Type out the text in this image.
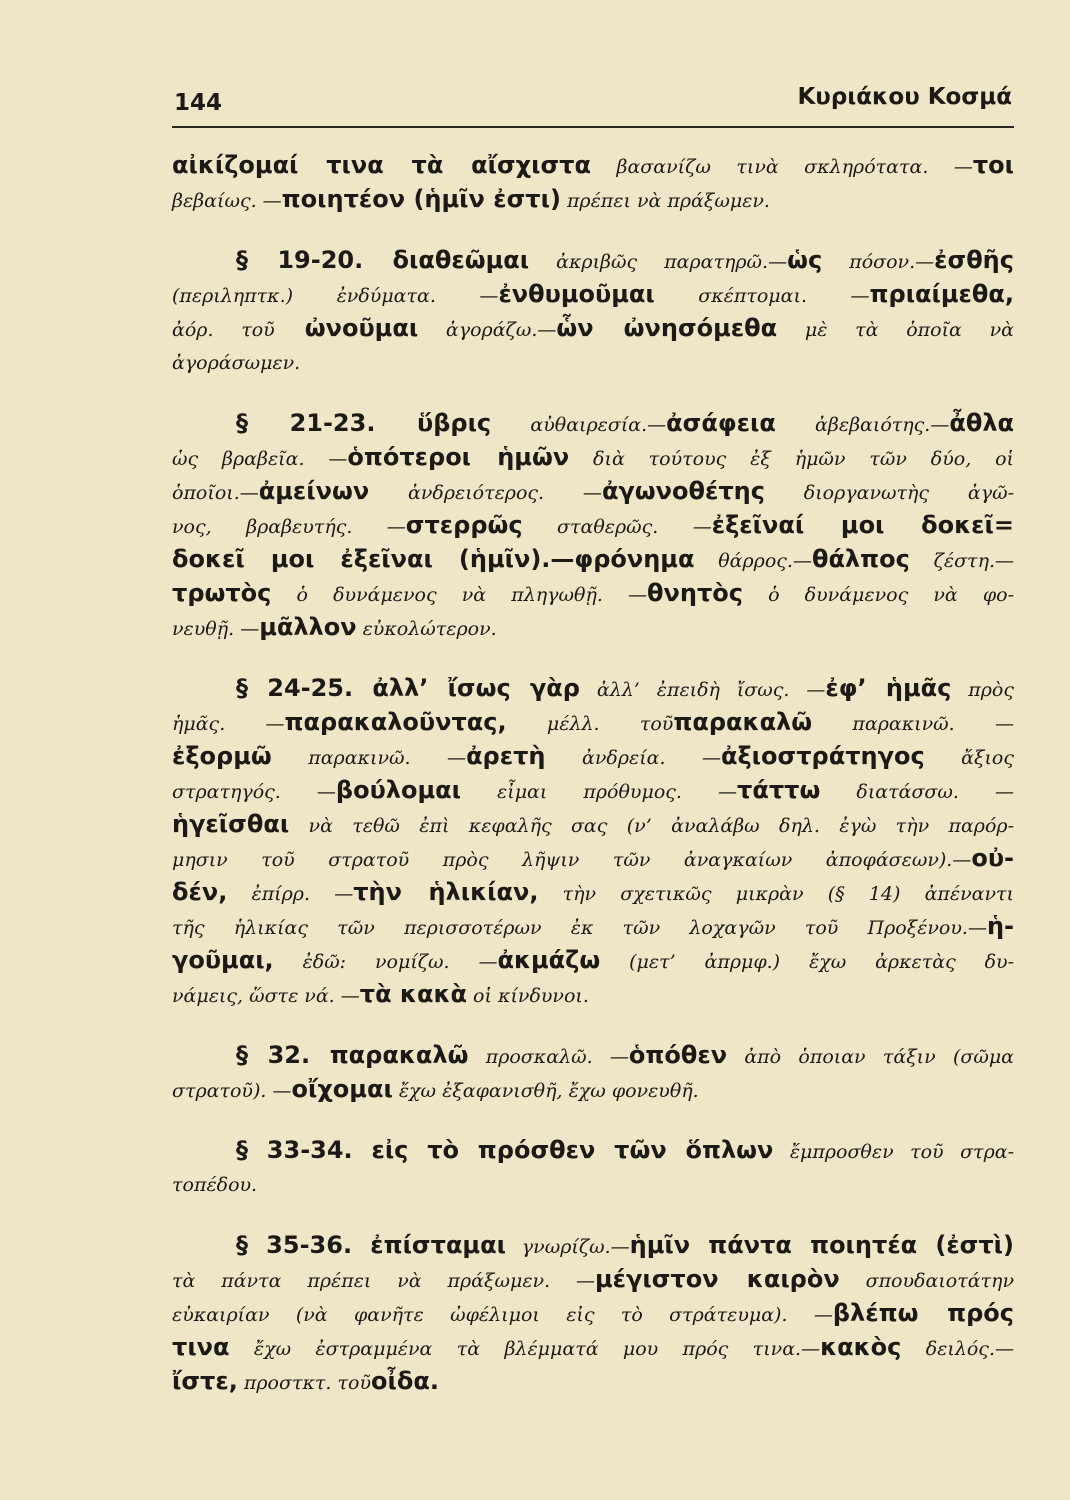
144	Κυριάκου Κοσμά
αἰκίζομαί τινα τὰ αἴσχιστα βασανίζω τινὰ σκληρότατα. —τοι
βεβαίως. —ποιητέον (ἡμῖν ἐστι) πρέπει νὰ πράξωμεν.
§ 19-20. διαθεῶμαι ἀκριβῶς παρατηρῶ.—ὡς πόσον.—ἐσθῆς
(περιληπτκ.) ἐνδύματα. —ἐνθυμοῦμαι σκέπτομαι. —πριαίμεθα,
ἀόρ. τοῦ ὠνοῦμαι ἀγοράζω.—ὧν ὠνησόμεθα μὲ τὰ ὁποῖα νὰ
ἀγοράσωμεν.
§ 21-23. ὕβρις αὐθαιρεσία.—ἀσάφεια ἀβεβαιότης.—ἆθλα
ὡς βραβεῖα. —ὁπότεροι ἡμῶν διὰ τούτους ἐξ ἡμῶν τῶν δύο, οἱ
ὁποῖοι.—ἀμείνων ἀνδρειότερος. —ἀγωνοθέτης διοργανωτὴς ἀγῶ-
νος, βραβευτής. —στερρῶς σταθερῶς. —ἐξεῖναί μοι δοκεῖ=
δοκεῖ μοι ἐξεῖναι (ἡμῖν).—φρόνημα θάρρος.—θάλπος ζέστη.—
τρωτὸς ὁ δυνάμενος νὰ πληγωθῇ. —θνητὸς ὁ δυνάμενος νὰ φο-
νευθῇ. —μᾶλλον εὐκολώτερον.
§ 24-25. ἀλλ’ ἴσως γὰρ ἀλλ’ ἐπειδὴ ἴσως. —ἐφ’ ἡμᾶς πρὸς
ἡμᾶς. —παρακαλοῦντας, μέλλ. τοῦπαρακαλῶ παρακινῶ. —
ἐξορμῶ παρακινῶ. —ἀρετὴ ἀνδρεία. —ἀξιοστράτηγος ἄξιος
στρατηγός. —βούλομαι εἶμαι πρόθυμος. —τάττω διατάσσω. —
ἡγεῖσθαι νὰ τεθῶ ἐπὶ κεφαλῆς σας (ν’ ἀναλάβω δηλ. ἐγὼ τὴν παρόρ-
μησιν τοῦ στρατοῦ πρὸς λῆψιν τῶν ἀναγκαίων ἀποφάσεων).—οὐ-
δέν, ἐπίρρ. —τὴν ἡλικίαν, τὴν σχετικῶς μικρὰν (§ 14) ἀπέναντι
τῆς ἡλικίας τῶν περισσοτέρων ἐκ τῶν λοχαγῶν τοῦ Προξένου.—ἡ-
γοῦμαι, ἐδῶ: νομίζω. —ἀκμάζω (μετ’ ἀπρμφ.) ἔχω ἀρκετὰς δυ-
νάμεις, ὥστε νά. —τὰ κακὰ οἱ κίνδυνοι.
§ 32. παρακαλῶ προσκαλῶ. —ὁπόθεν ἀπὸ ὁποιαν τάξιν (σῶμα
στρατοῦ). —οἴχομαι ἔχω ἐξαφανισθῆ, ἔχω φονευθῆ.
§ 33-34. εἰς τὸ πρόσθεν τῶν ὅπλων ἔμπροσθεν τοῦ στρα-
τοπέδου.
§ 35-36. ἐπίσταμαι γνωρίζω.—ἡμῖν πάντα ποιητέα (ἐστὶ)
τὰ πάντα πρέπει νὰ πράξωμεν. —μέγιστον καιρὸν σπουδαιοτάτην
εὐκαιρίαν (νὰ φανῆτε ὠφέλιμοι εἰς τὸ στράτευμα). —βλέπω πρός
τινα ἔχω ἐστραμμένα τὰ βλέμματά μου πρός τινα.—κακὸς δειλός.—
ἴστε, προστκτ. τοῦοἶδα.
